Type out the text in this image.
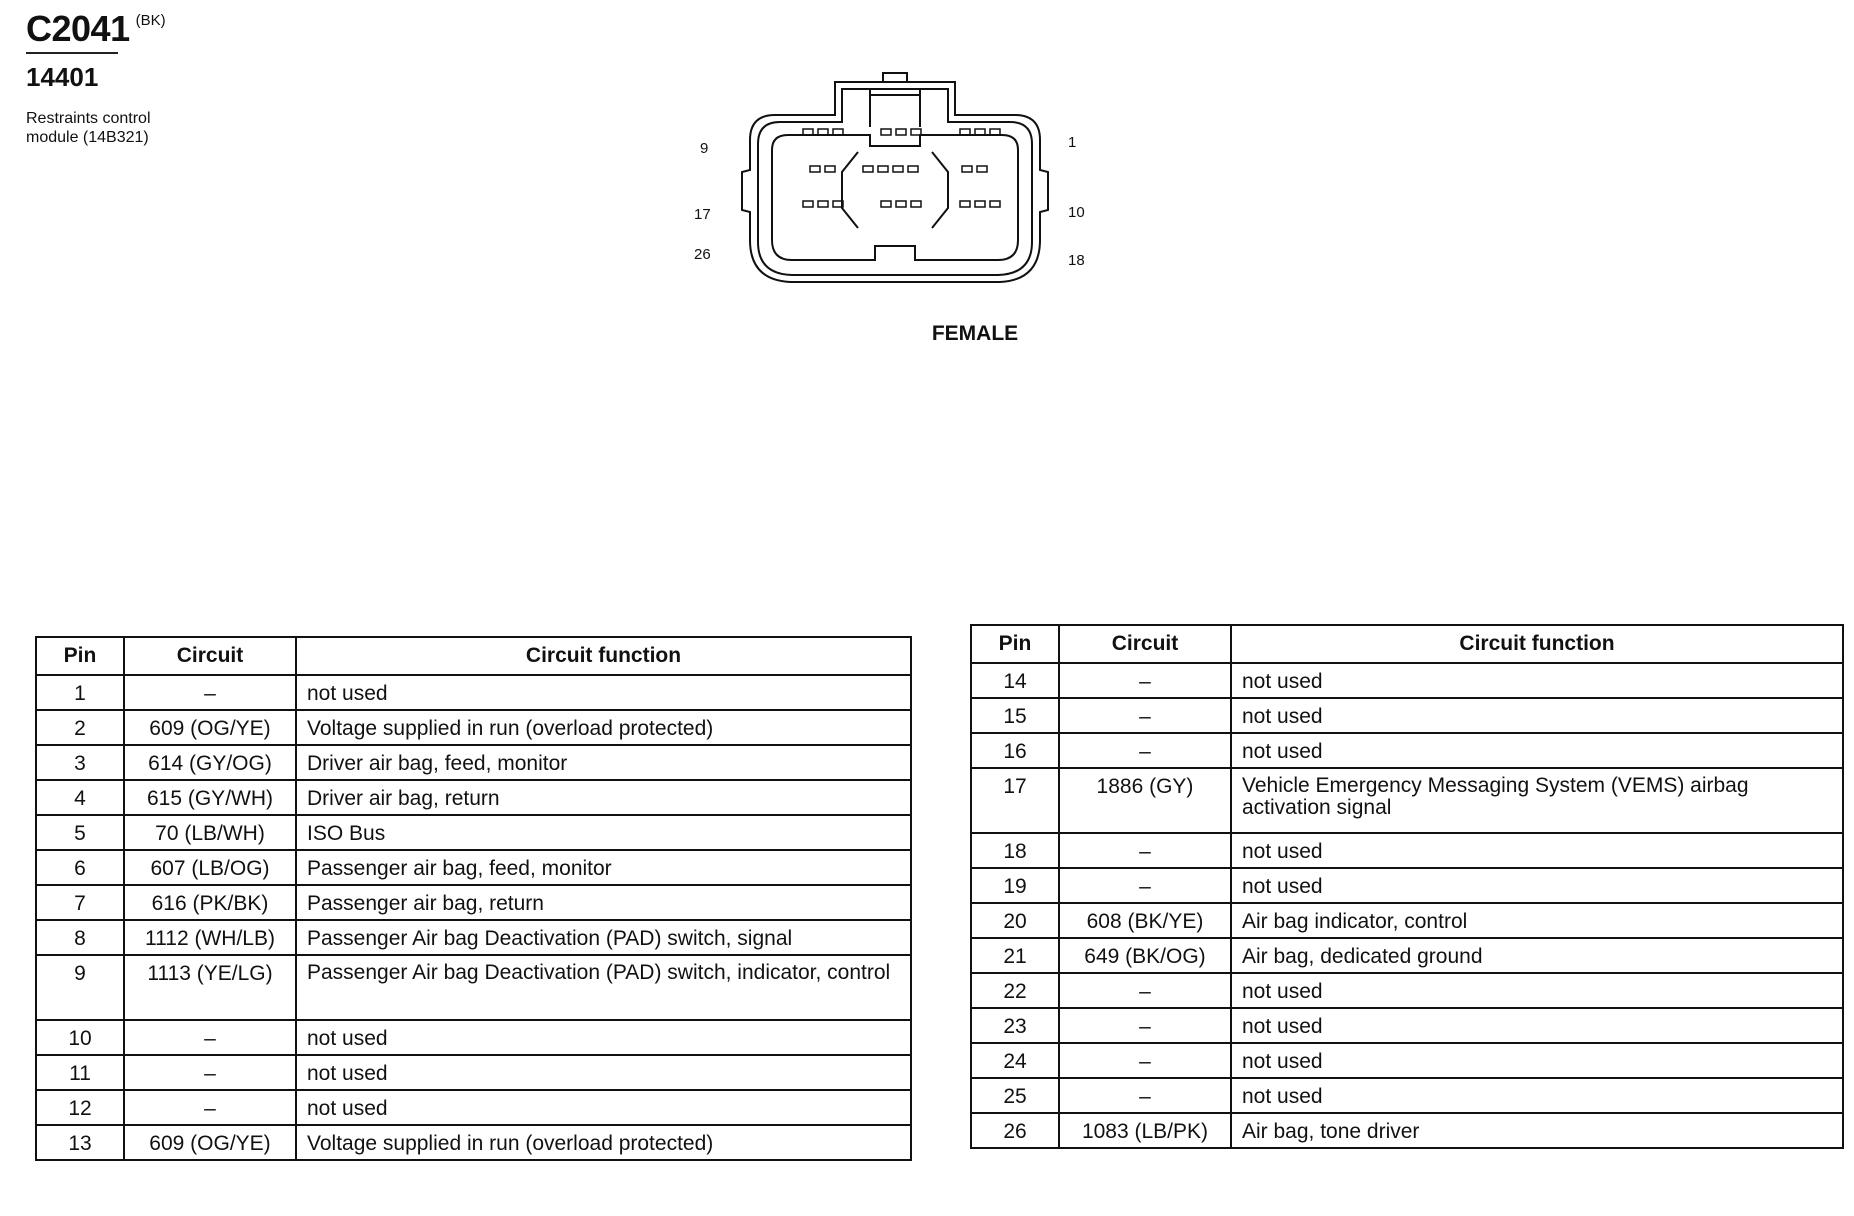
C2041 (BK)
14401
Restraints control module (14B321)
9
17
26
1
10
18
FEMALE
Pin	Circuit	Circuit function
1	–	not used
2	609 (OG/YE)	Voltage supplied in run (overload protected)
3	614 (GY/OG)	Driver air bag, feed, monitor
4	615 (GY/WH)	Driver air bag, return
5	70 (LB/WH)	ISO Bus
6	607 (LB/OG)	Passenger air bag, feed, monitor
7	616 (PK/BK)	Passenger air bag, return
8	1112 (WH/LB)	Passenger Air bag Deactivation (PAD) switch, signal
9	1113 (YE/LG)	Passenger Air bag Deactivation (PAD) switch, indicator, control
10	–	not used
11	–	not used
12	–	not used
13	609 (OG/YE)	Voltage supplied in run (overload protected)
Pin	Circuit	Circuit function
14	–	not used
15	–	not used
16	–	not used
17	1886 (GY)	Vehicle Emergency Messaging System (VEMS) airbag activation signal
18	–	not used
19	–	not used
20	608 (BK/YE)	Air bag indicator, control
21	649 (BK/OG)	Air bag, dedicated ground
22	–	not used
23	–	not used
24	–	not used
25	–	not used
26	1083 (LB/PK)	Air bag, tone driver
